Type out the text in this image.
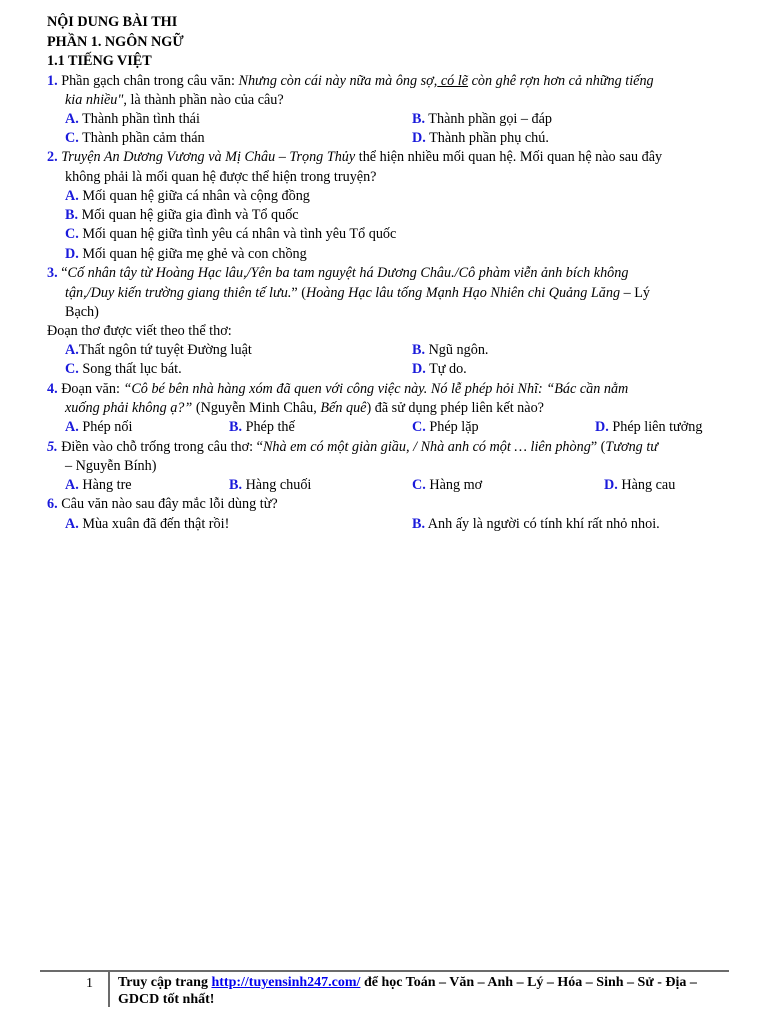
NỘI DUNG BÀI THI
PHẦN 1. NGÔN NGỮ
1.1 TIẾNG VIỆT
1. Phần gạch chân trong câu văn: Nhưng còn cái này nữa mà ông sợ, có lẽ còn ghê rợn hơn cả những tiếng
kia nhiều", là thành phần nào của câu?
A. Thành phần tình thái	B. Thành phần gọi – đáp
C. Thành phần cảm thán	D. Thành phần phụ chú.
2. Truyện An Dương Vương và Mị Châu – Trọng Thủy thể hiện nhiều mối quan hệ. Mối quan hệ nào sau đây
không phải là mối quan hệ được thể hiện trong truyện?
A. Mối quan hệ giữa cá nhân và cộng đồng
B. Mối quan hệ giữa gia đình và Tổ quốc
C. Mối quan hệ giữa tình yêu cá nhân và tình yêu Tổ quốc
D. Mối quan hệ giữa mẹ ghẻ và con chồng
3. “Cố nhân tây từ Hoàng Hạc lâu,/Yên ba tam nguyệt há Dương Châu./Cô phàm viễn ảnh bích không
tận,/Duy kiến trường giang thiên tế lưu.” (Hoàng Hạc lâu tống Mạnh Hạo Nhiên chi Quảng Lăng – Lý
Bạch)
Đoạn thơ được viết theo thể thơ:
A.Thất ngôn tứ tuyệt Đường luật	B. Ngũ ngôn.
C. Song thất lục bát.	D. Tự do.
4. Đoạn văn: “Cô bé bên nhà hàng xóm đã quen với công việc này. Nó lễ phép hỏi Nhĩ: “Bác cần nằm
xuống phải không ạ?” (Nguyễn Minh Châu, Bến quê) đã sử dụng phép liên kết nào?
A. Phép nối	B. Phép thế	C. Phép lặp	D. Phép liên tưởng
5. Điền vào chỗ trống trong câu thơ: “Nhà em có một giàn giầu, / Nhà anh có một … liên phòng” (Tương tư
– Nguyễn Bính)
A. Hàng tre	B. Hàng chuối	C. Hàng mơ	D. Hàng cau
6. Câu văn nào sau đây mắc lỗi dùng từ?
A. Mùa xuân đã đến thật rồi!	B. Anh ấy là người có tính khí rất nhỏ nhoi.
1 Truy cập trang http://tuyensinh247.com/ để học Toán – Văn – Anh – Lý – Hóa – Sinh – Sử - Địa – GDCD tốt nhất!
